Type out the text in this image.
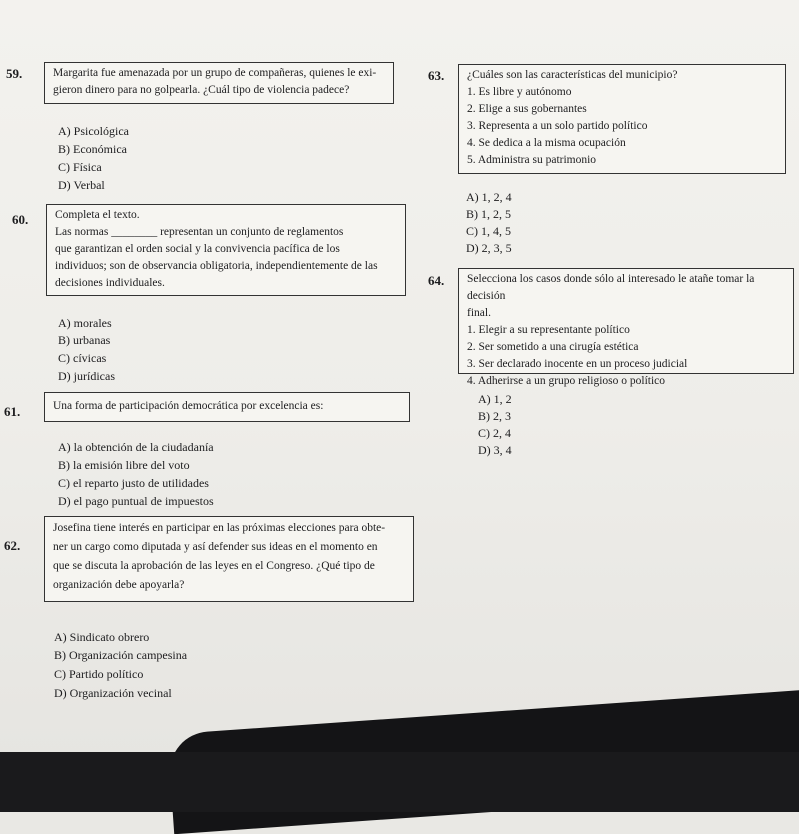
59.	Margarita fue amenazada por un grupo de compañeras, quienes le exi-
gieron dinero para no golpearla. ¿Cuál tipo de violencia padece?
A) Psicológica
B) Económica
C) Física
D) Verbal
60. Completa el texto.
Las normas ________ representan un conjunto de reglamentos
que garantizan el orden social y la convivencia pacífica de los
individuos; son de observancia obligatoria, independientemente de las
decisiones individuales.
A) morales
B) urbanas
C) cívicas
D) jurídicas
61.	Una forma de participación democrática por excelencia es:
A) la obtención de la ciudadanía
B) la emisión libre del voto
C) el reparto justo de utilidades
D) el pago puntual de impuestos
62.
Josefina tiene interés en participar en las próximas elecciones para obte-
ner un cargo como diputada y así defender sus ideas en el momento en
que se discuta la aprobación de las leyes en el Congreso. ¿Qué tipo de
organización debe apoyarla?
A) Sindicato obrero
B) Organización campesina
C) Partido político
D) Organización vecinal
63. ¿Cuáles son las características del municipio?
1. Es libre y autónomo
2. Elige a sus gobernantes
3. Representa a un solo partido político
4. Se dedica a la misma ocupación
5. Administra su patrimonio
A) 1, 2, 4
B) 1, 2, 5
C) 1, 4, 5
D) 2, 3, 5
64. Selecciona los casos donde sólo al interesado le atañe tomar la decisión
final.
1. Elegir a su representante político
2. Ser sometido a una cirugía estética
3. Ser declarado inocente en un proceso judicial
4. Adherirse a un grupo religioso o político
A) 1, 2
B) 2, 3
C) 2, 4
D) 3, 4
